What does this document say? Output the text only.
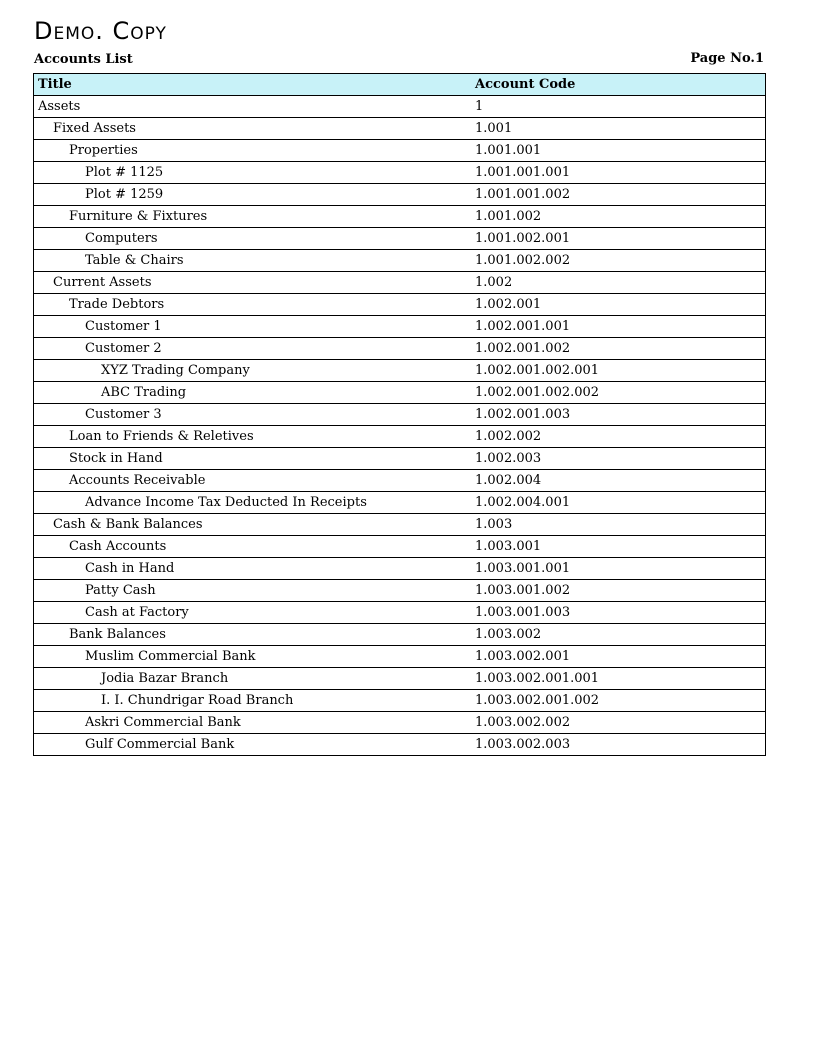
Demo. Copy
Accounts List	Page No.1
Title	Account Code
Assets	1
Fixed Assets	1.001
Properties	1.001.001
Plot # 1125	1.001.001.001
Plot # 1259	1.001.001.002
Furniture & Fixtures	1.001.002
Computers	1.001.002.001
Table & Chairs	1.001.002.002
Current Assets	1.002
Trade Debtors	1.002.001
Customer 1	1.002.001.001
Customer 2	1.002.001.002
XYZ Trading Company	1.002.001.002.001
ABC Trading	1.002.001.002.002
Customer 3	1.002.001.003
Loan to Friends & Reletives	1.002.002
Stock in Hand	1.002.003
Accounts Receivable	1.002.004
Advance Income Tax Deducted In Receipts	1.002.004.001
Cash & Bank Balances	1.003
Cash Accounts	1.003.001
Cash in Hand	1.003.001.001
Patty Cash	1.003.001.002
Cash at Factory	1.003.001.003
Bank Balances	1.003.002
Muslim Commercial Bank	1.003.002.001
Jodia Bazar Branch	1.003.002.001.001
I. I. Chundrigar Road Branch	1.003.002.001.002
Askri Commercial Bank	1.003.002.002
Gulf Commercial Bank	1.003.002.003
